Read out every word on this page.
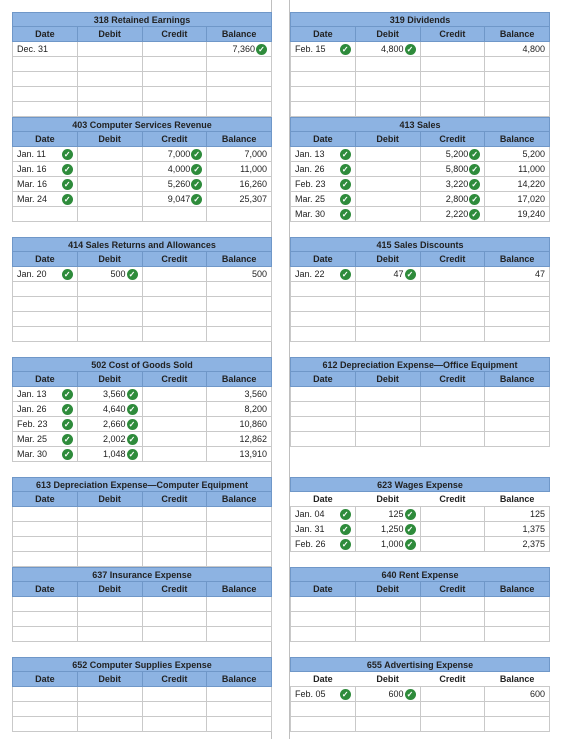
318 Retained Earnings			
Date	Debit	Credit	Balance

Dec. 31			7,360 ✓

403 Computer Services Revenue			
Date	Debit	Credit	Balance

Jan. 11 ✓		7,000 ✓	7,000

Jan. 16 ✓		4,000 ✓	11,000

Mar. 16 ✓		5,260 ✓	16,260

Mar. 24 ✓		9,047 ✓	25,307

414 Sales Returns and Allowances			
Date	Debit	Credit	Balance

Jan. 20 ✓	500 ✓		500

502 Cost of Goods Sold			
Date	Debit	Credit	Balance

Jan. 13 ✓	3,560 ✓		3,560

Jan. 26 ✓	4,640 ✓		8,200

Feb. 23 ✓	2,660 ✓		10,860

Mar. 25 ✓	2,002 ✓		12,862

Mar. 30 ✓	1,048 ✓		13,910
613 Depreciation Expense—Computer Equipment			
Date	Debit	Credit	Balance

637 Insurance Expense			
Date	Debit	Credit	Balance

652 Computer Supplies Expense			
Date	Debit	Credit	Balance

319 Dividends			
Date	Debit	Credit	Balance

Feb. 15 ✓	4,800 ✓		4,800

413 Sales			
Date	Debit	Credit	Balance

Jan. 13 ✓		5,200 ✓	5,200

Jan. 26 ✓		5,800 ✓	11,000

Feb. 23 ✓		3,220 ✓	14,220

Mar. 25 ✓		2,800 ✓	17,020

Mar. 30 ✓		2,220 ✓	19,240
415 Sales Discounts			
Date	Debit	Credit	Balance

Jan. 22 ✓	47 ✓		47

612 Depreciation Expense—Office Equipment			
Date	Debit	Credit	Balance

623 Wages Expense			
Date	Debit	Credit	Balance

Jan. 04 ✓	125 ✓		125

Jan. 31 ✓	1,250 ✓		1,375

Feb. 26 ✓	1,000 ✓		2,375
640 Rent Expense			
Date	Debit	Credit	Balance

655 Advertising Expense			
Date	Debit	Credit	Balance

Feb. 05 ✓	600 ✓		600
